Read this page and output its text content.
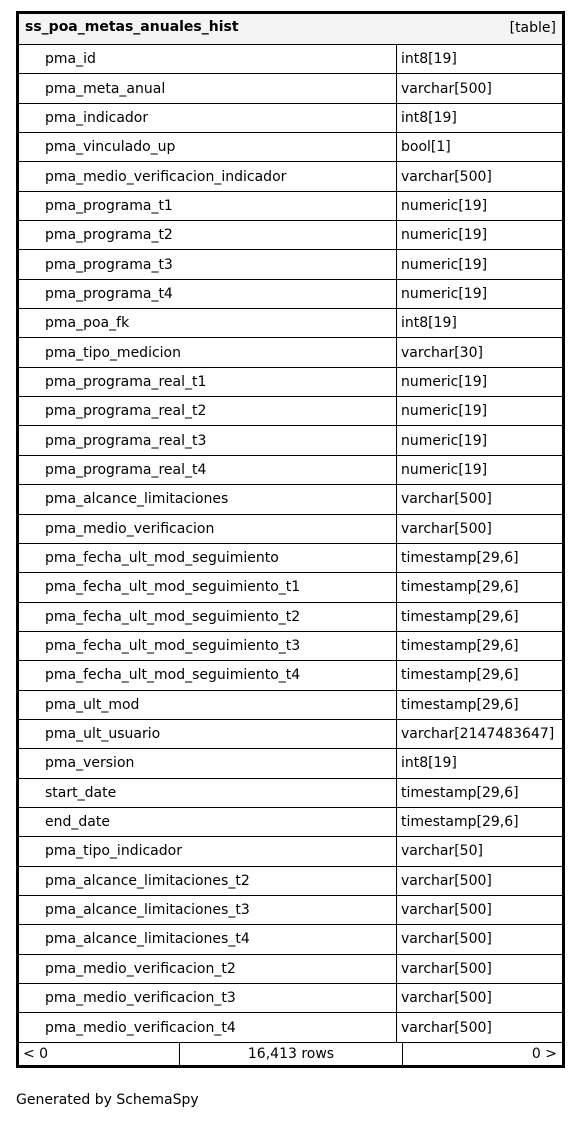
ss_poa_metas_anuales_hist	[table]
pma_id	int8[19]
pma_meta_anual	varchar[500]
pma_indicador	int8[19]
pma_vinculado_up	bool[1]
pma_medio_verificacion_indicador	varchar[500]
pma_programa_t1	numeric[19]
pma_programa_t2	numeric[19]
pma_programa_t3	numeric[19]
pma_programa_t4	numeric[19]
pma_poa_fk	int8[19]
pma_tipo_medicion	varchar[30]
pma_programa_real_t1	numeric[19]
pma_programa_real_t2	numeric[19]
pma_programa_real_t3	numeric[19]
pma_programa_real_t4	numeric[19]
pma_alcance_limitaciones	varchar[500]
pma_medio_verificacion	varchar[500]
pma_fecha_ult_mod_seguimiento	timestamp[29,6]
pma_fecha_ult_mod_seguimiento_t1	timestamp[29,6]
pma_fecha_ult_mod_seguimiento_t2	timestamp[29,6]
pma_fecha_ult_mod_seguimiento_t3	timestamp[29,6]
pma_fecha_ult_mod_seguimiento_t4	timestamp[29,6]
pma_ult_mod	timestamp[29,6]
pma_ult_usuario	varchar[2147483647]
pma_version	int8[19]
start_date	timestamp[29,6]
end_date	timestamp[29,6]
pma_tipo_indicador	varchar[50]
pma_alcance_limitaciones_t2	varchar[500]
pma_alcance_limitaciones_t3	varchar[500]
pma_alcance_limitaciones_t4	varchar[500]
pma_medio_verificacion_t2	varchar[500]
pma_medio_verificacion_t3	varchar[500]
pma_medio_verificacion_t4	varchar[500]
< 0	16,413 rows	0 >
Generated by SchemaSpy
